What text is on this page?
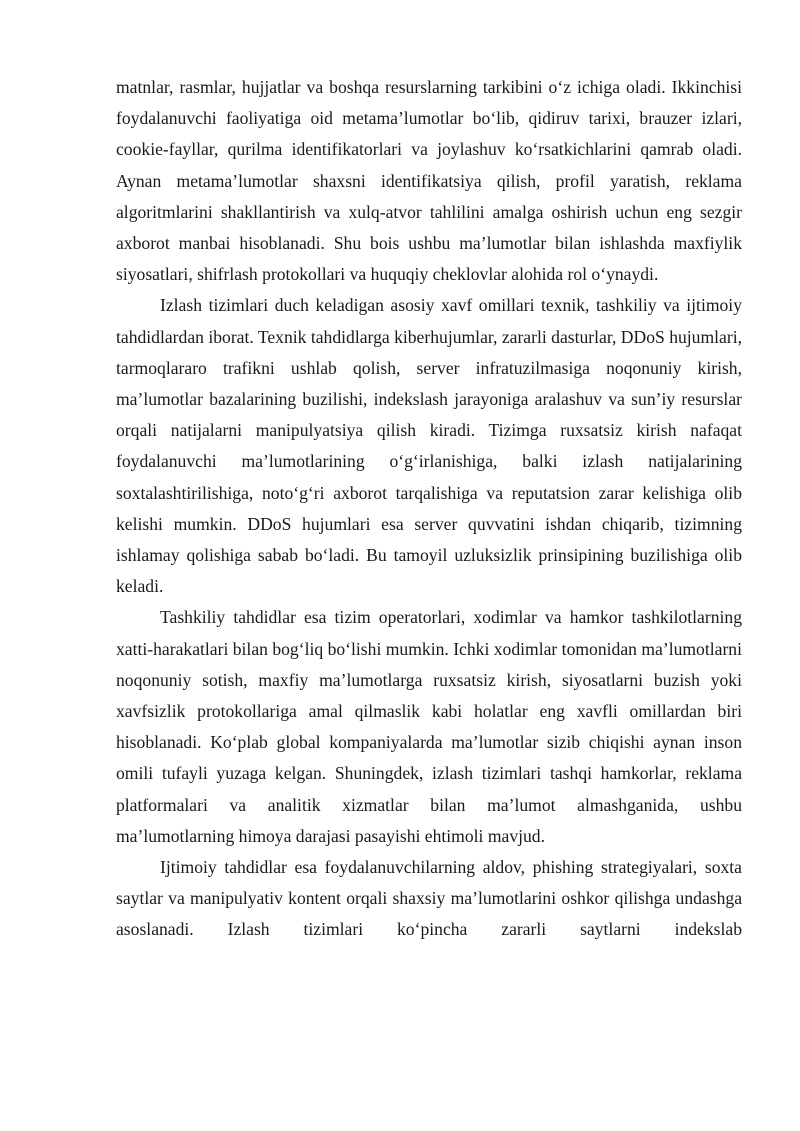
matnlar, rasmlar, hujjatlar va boshqa resurslarning tarkibini o‘z ichiga oladi. Ikkinchisi foydalanuvchi faoliyatiga oid metama’lumotlar bo‘lib, qidiruv tarixi, brauzer izlari, cookie-fayllar, qurilma identifikatorlari va joylashuv ko‘rsatkichlarini qamrab oladi. Aynan metama’lumotlar shaxsni identifikatsiya qilish, profil yaratish, reklama algoritmlarini shakllantirish va xulq-atvor tahlilini amalga oshirish uchun eng sezgir axborot manbai hisoblanadi. Shu bois ushbu ma’lumotlar bilan ishlashda maxfiylik siyosatlari, shifrlash protokollari va huquqiy cheklovlar alohida rol o‘ynaydi.

Izlash tizimlari duch keladigan asosiy xavf omillari texnik, tashkiliy va ijtimoiy tahdidlardan iborat. Texnik tahdidlarga kiberhujumlar, zararli dasturlar, DDoS hujumlari, tarmoqlararo trafikni ushlab qolish, server infratuzilmasiga noqonuniy kirish, ma’lumotlar bazalarining buzilishi, indekslash jarayoniga aralashuv va sun’iy resurslar orqali natijalarni manipulyatsiya qilish kiradi. Tizimga ruxsatsiz kirish nafaqat foydalanuvchi ma’lumotlarining o‘g‘irlanishiga, balki izlash natijalarining soxtalashtirilishiga, noto‘g‘ri axborot tarqalishiga va reputatsion zarar kelishiga olib kelishi mumkin. DDoS hujumlari esa server quvvatini ishdan chiqarib, tizimning ishlamay qolishiga sabab bo‘ladi. Bu tamoyil uzluksizlik prinsipining buzilishiga olib keladi.

Tashkiliy tahdidlar esa tizim operatorlari, xodimlar va hamkor tashkilotlarning xatti-harakatlari bilan bog‘liq bo‘lishi mumkin. Ichki xodimlar tomonidan ma’lumotlarni noqonuniy sotish, maxfiy ma’lumotlarga ruxsatsiz kirish, siyosatlarni buzish yoki xavfsizlik protokollariga amal qilmaslik kabi holatlar eng xavfli omillardan biri hisoblanadi. Ko‘plab global kompaniyalarda ma’lumotlar sizib chiqishi aynan inson omili tufayli yuzaga kelgan. Shuningdek, izlash tizimlari tashqi hamkorlar, reklama platformalari va analitik xizmatlar bilan ma’lumot almashganida, ushbu ma’lumotlarning himoya darajasi pasayishi ehtimoli mavjud.

Ijtimoiy tahdidlar esa foydalanuvchilarning aldov, phishing strategiyalari, soxta saytlar va manipulyativ kontent orqali shaxsiy ma’lumotlarini oshkor qilishga undashga asoslanadi. Izlash tizimlari ko‘pincha zararli saytlarni indekslab
